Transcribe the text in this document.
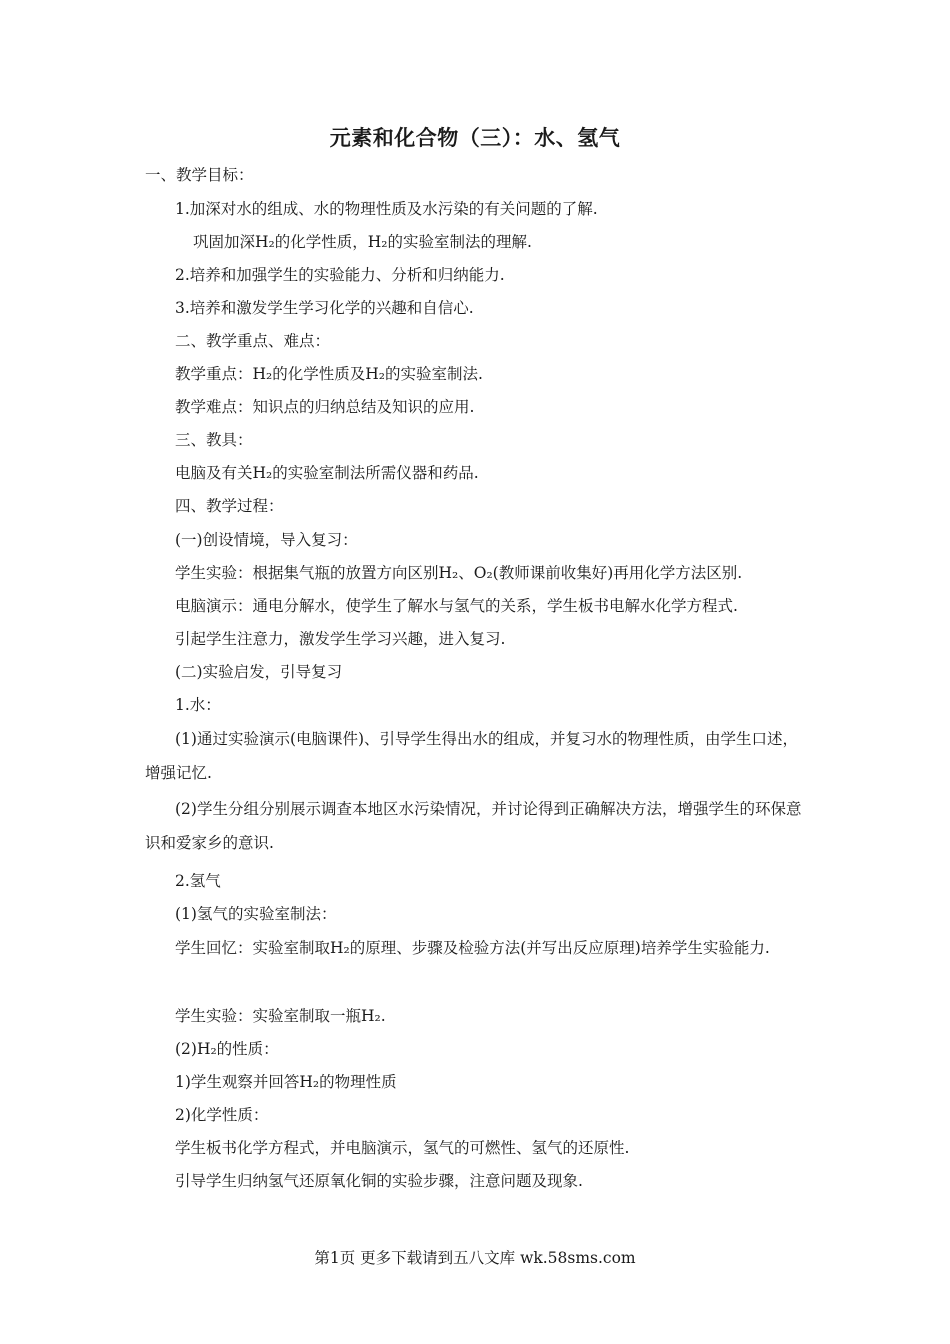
元素和化合物（三）：水、氢气
一、教学目标：
1.加深对水的组成、水的物理性质及水污染的有关问题的了解.
巩固加深H₂的化学性质，H₂的实验室制法的理解.
2.培养和加强学生的实验能力、分析和归纳能力.
3.培养和激发学生学习化学的兴趣和自信心.
二、教学重点、难点：
教学重点：H₂的化学性质及H₂的实验室制法.
教学难点：知识点的归纳总结及知识的应用.
三、教具：
电脑及有关H₂的实验室制法所需仪器和药品.
四、教学过程：
(一)创设情境，导入复习：
学生实验：根据集气瓶的放置方向区别H₂、O₂(教师课前收集好)再用化学方法区别.
电脑演示：通电分解水，使学生了解水与氢气的关系，学生板书电解水化学方程式.
引起学生注意力，激发学生学习兴趣，进入复习.
(二)实验启发，引导复习
1.水：
(1)通过实验演示(电脑课件)、引导学生得出水的组成，并复习水的物理性质，由学生口述，增强记忆.
(2)学生分组分别展示调查本地区水污染情况，并讨论得到正确解决方法，增强学生的环保意识和爱家乡的意识.
2.氢气
(1)氢气的实验室制法：
学生回忆：实验室制取H₂的原理、步骤及检验方法(并写出反应原理)培养学生实验能力.
学生实验：实验室制取一瓶H₂.
(2)H₂的性质：
1)学生观察并回答H₂的物理性质
2)化学性质：
学生板书化学方程式，并电脑演示，氢气的可燃性、氢气的还原性.
引导学生归纳氢气还原氧化铜的实验步骤，注意问题及现象.
第1页 更多下载请到五八文库 wk.58sms.com
